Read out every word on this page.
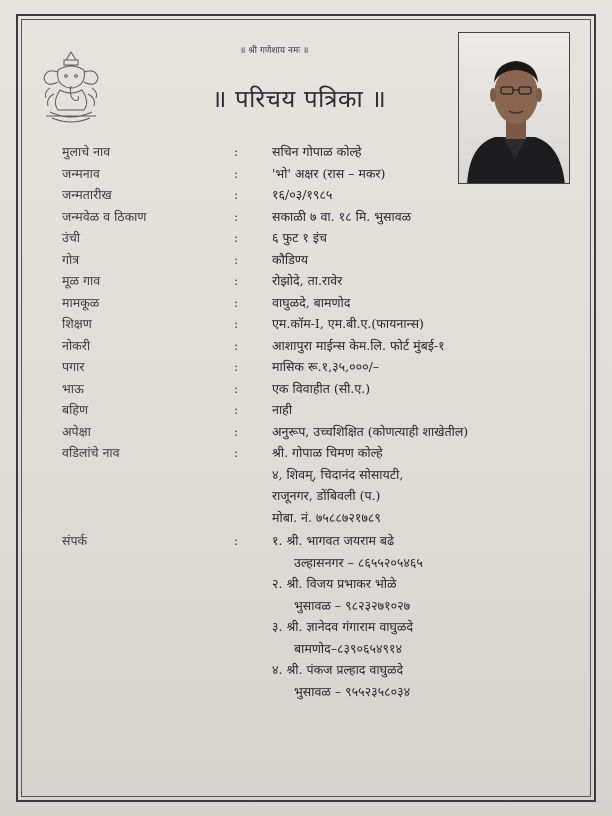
॥ श्री गणेशाय नमः ॥
॥ परिचय पत्रिका ॥
मुलाचे नाव	:	सचिन गोपाळ कोल्हे
जन्मनाव	:	'भो' अक्षर (रास – मकर)
जन्मतारीख	:	१६/०३/१९८५
जन्मवेळ व ठिकाण	:	सकाळी ७ वा. १८ मि. भुसावळ
उंची	:	६ फुट १ इंच
गोत्र	:	कौडिण्य
मूळ गाव	:	रोझोदे, ता.रावेर
मामकूळ	:	वाघुळदे, बामणोद
शिक्षण	:	एम.कॉम-I, एम.बी.ए.(फायनान्स)
नोकरी	:	आशापुरा माईन्स केम.लि. फोर्ट मुंबई-१
पगार	:	मासिक रू.१,३५,०००/–
भाऊ	:	एक विवाहीत (सी.ए.)
बहिण	:	नाही
अपेक्षा	:	अनुरूप, उच्चशिक्षित (कोणत्याही शाखेतील)
वडिलांचे नाव	:	श्री. गोपाळ चिमण कोल्हे
४, शिवम्, चिदानंद सोसायटी,
राजूनगर, डोंबिवली (प.)
मोबा. नं. ७५८८७२१७८९
संपर्क	:	१. श्री. भागवत जयराम बढे
उल्हासनगर – ८६५५२०५४६५
२. श्री. विजय प्रभाकर भोळे
भुसावळ – ९८२३२७१०२७
३. श्री. ज्ञानेदव गंगाराम वाघुळदे
बामणोद–८३९०६५४९१४
४. श्री. पंकज प्रल्हाद वाघुळदे
भुसावळ – ९५५२३५८०३४
